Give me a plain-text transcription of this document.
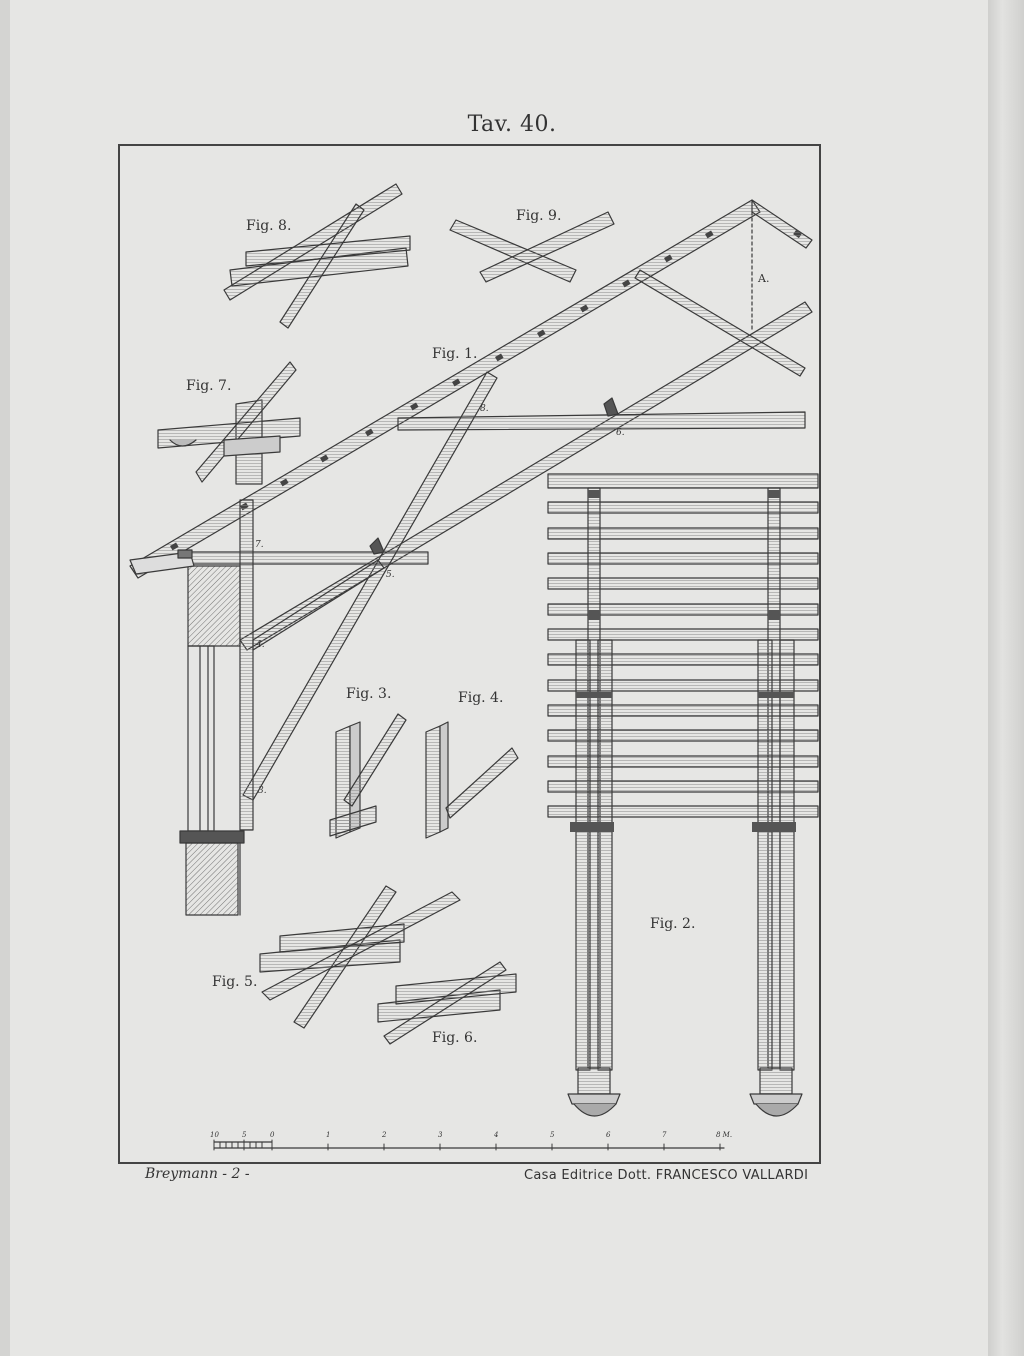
Tav. 40.
Fig. 8.
Fig. 9.
Fig. 1.
Fig. 7.
Fig. 3.	Fig. 4.
Fig. 2.
Fig. 5.
Fig. 6.
A.
8.
6.
7.
5.
4.
3.
10	5	0	1	2	3	4	5	6	7	8 M.
Breymann - 2 -	Casa Editrice Dott. FRANCESCO VALLARDI
